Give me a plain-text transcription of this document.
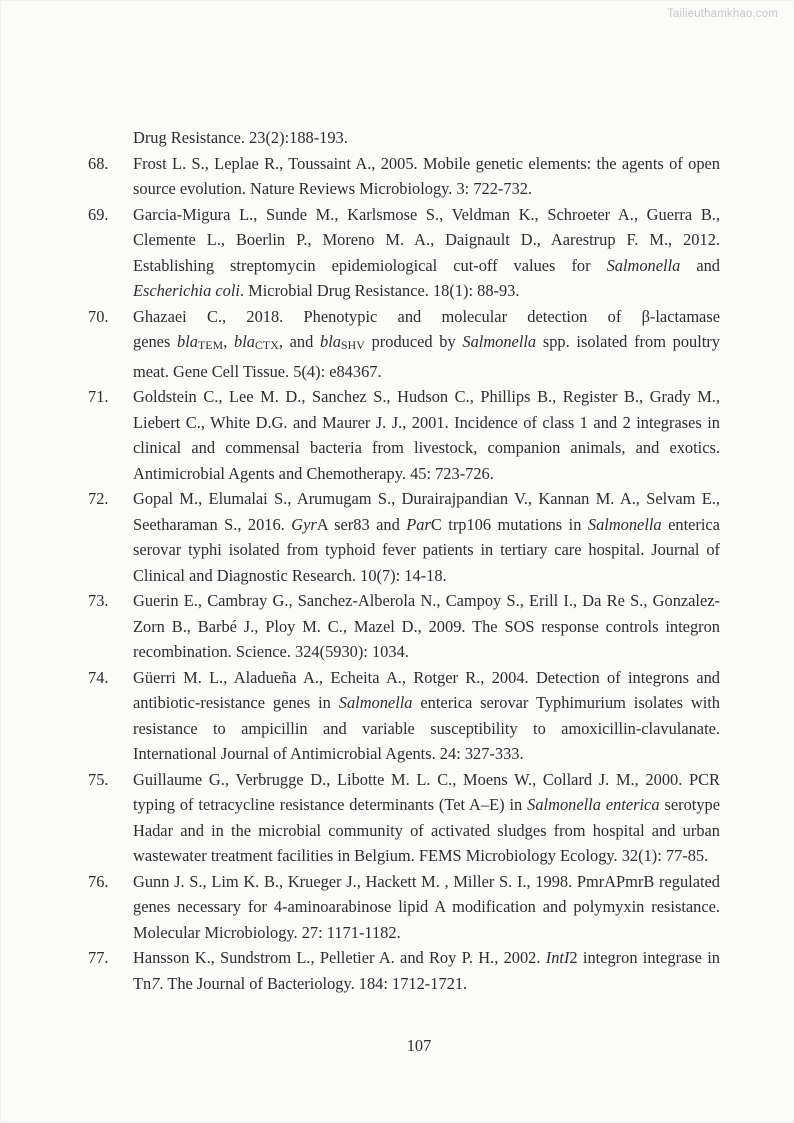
Tailieuthamkhao.com
Drug Resistance. 23(2):188-193.
68.	Frost L. S., Leplae R., Toussaint A., 2005. Mobile genetic elements: the agents of open
source evolution. Nature Reviews Microbiology. 3: 722-732.
69.	Garcia-Migura L., Sunde M., Karlsmose S., Veldman K., Schroeter A., Guerra B.,
Clemente L., Boerlin P., Moreno M. A., Daignault D., Aarestrup F. M., 2012.
Establishing streptomycin epidemiological cut-off values for Salmonella and
Escherichia coli. Microbial Drug Resistance. 18(1): 88-93.
70.	Ghazaei C., 2018. Phenotypic and molecular detection of β-lactamase
genes bla$_{TEM}$, bla$_{CTX}$, and bla$_{SHV}$ produced by Salmonella spp. isolated from poultry
meat. Gene Cell Tissue. 5(4): e84367.
71.	Goldstein C., Lee M. D., Sanchez S., Hudson C., Phillips B., Register B., Grady M.,
Liebert C., White D.G. and Maurer J. J., 2001. Incidence of class 1 and 2 integrases in
clinical and commensal bacteria from livestock, companion animals, and exotics.
Antimicrobial Agents and Chemotherapy. 45: 723-726.
72.	Gopal M., Elumalai S., Arumugam S., Durairajpandian V., Kannan M. A., Selvam E.,
Seetharaman S., 2016. GyrA ser83 and ParC trp106 mutations in Salmonella enterica
serovar typhi isolated from typhoid fever patients in tertiary care hospital. Journal of
Clinical and Diagnostic Research. 10(7): 14-18.
73.	Guerin E., Cambray G., Sanchez-Alberola N., Campoy S., Erill I., Da Re S., Gonzalez-
Zorn B., Barbé J., Ploy M. C., Mazel D., 2009. The SOS response controls integron
recombination. Science. 324(5930): 1034.
74.	Güerri M. L., Aladueña A., Echeita A., Rotger R., 2004. Detection of integrons and
antibiotic-resistance genes in Salmonella enterica serovar Typhimurium isolates with
resistance to ampicillin and variable susceptibility to amoxicillin-clavulanate.
International Journal of Antimicrobial Agents. 24: 327-333.
75.	Guillaume G., Verbrugge D., Libotte M. L. C., Moens W., Collard J. M., 2000. PCR
typing of tetracycline resistance determinants (Tet A–E) in Salmonella enterica serotype
Hadar and in the microbial community of activated sludges from hospital and urban
wastewater treatment facilities in Belgium. FEMS Microbiology Ecology. 32(1): 77-85.
76.	Gunn J. S., Lim K. B., Krueger J., Hackett M. , Miller S. I., 1998. PmrAPmrB regulated
genes necessary for 4-aminoarabinose lipid A modification and polymyxin resistance.
Molecular Microbiology. 27: 1171-1182.
77.	Hansson K., Sundstrom L., Pelletier A. and Roy P. H., 2002. IntI2 integron integrase in
Tn7. The Journal of Bacteriology. 184: 1712-1721.
107
